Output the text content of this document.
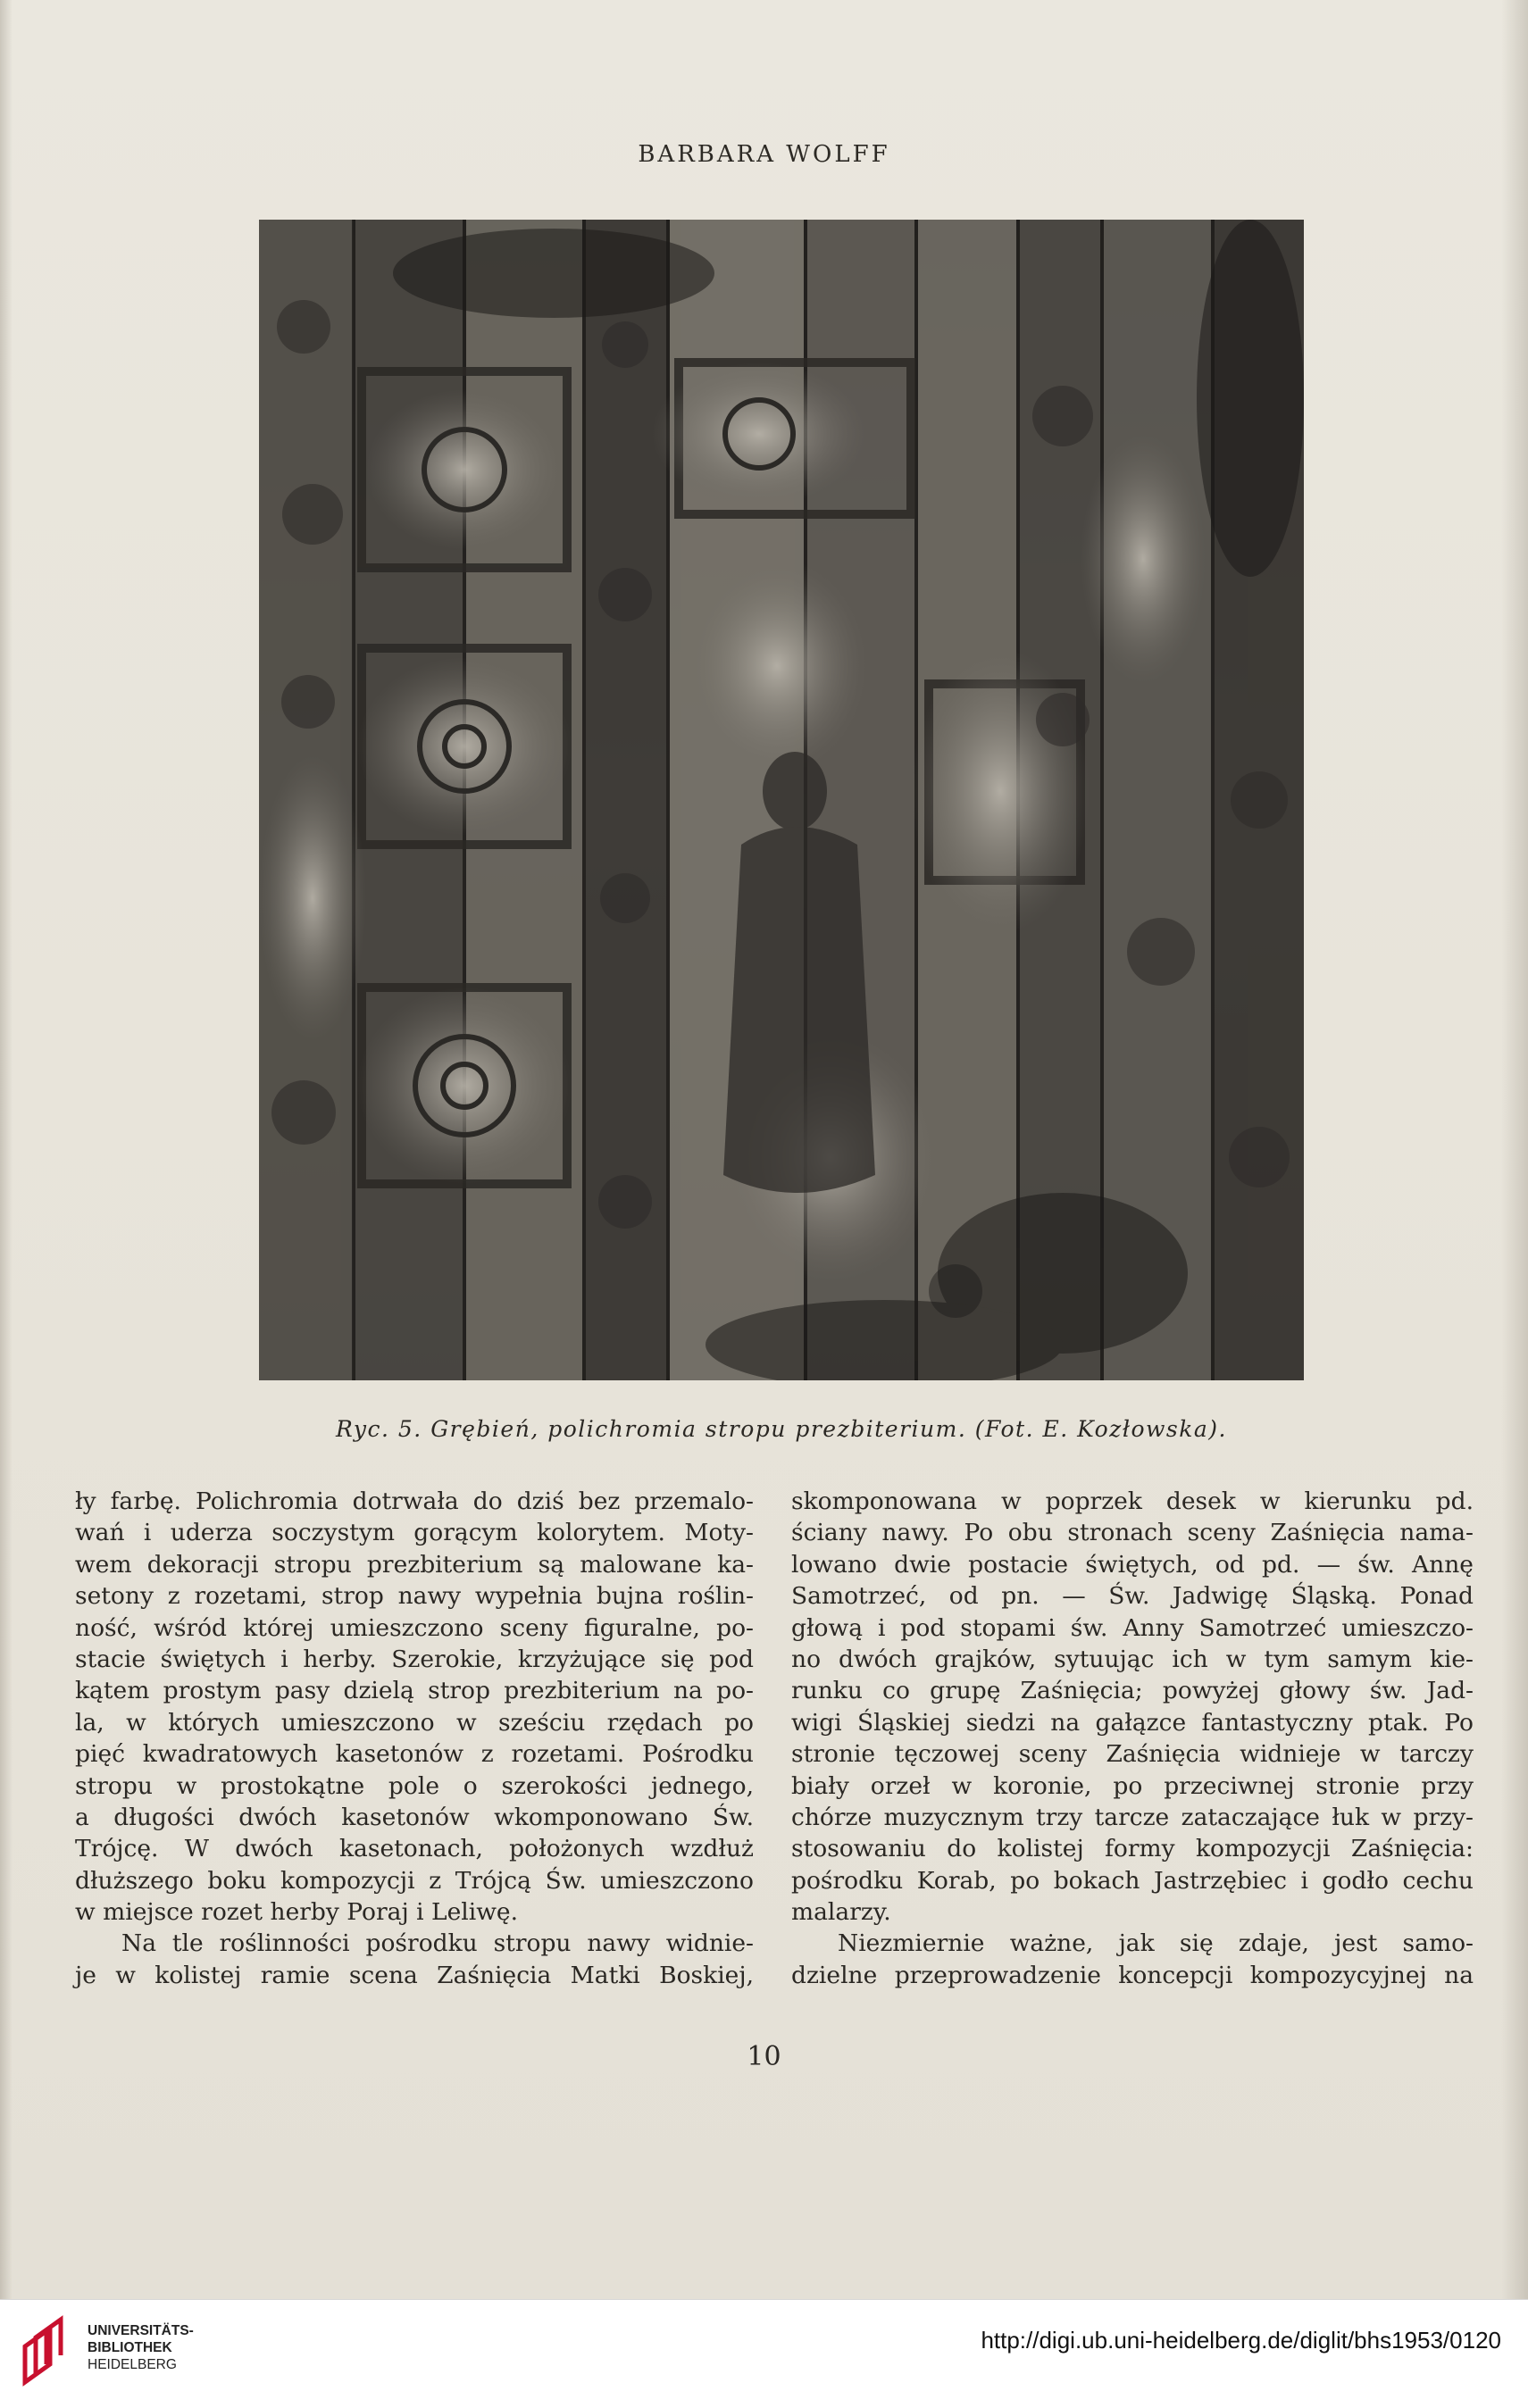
BARBARA WOLFF
Ryc. 5. Grębień, polichromia stropu prezbiterium. (Fot. E. Kozłowska).

ły farbę. Polichromia dotrwała do dziś bez przemalo-

wań i uderza soczystym gorącym kolorytem. Moty-

wem dekoracji stropu prezbiterium są malowane ka-

setony z rozetami, strop nawy wypełnia bujna roślin-

ność, wśród której umieszczono sceny figuralne, po-

stacie świętych i herby. Szerokie, krzyżujące się pod

kątem prostym pasy dzielą strop prezbiterium na po-

la, w których umieszczono w sześciu rzędach po

pięć kwadratowych kasetonów z rozetami. Pośrodku

stropu w prostokątne pole o szerokości jednego,

a długości dwóch kasetonów wkomponowano Św.

Trójcę. W dwóch kasetonach, położonych wzdłuż

dłuższego boku kompozycji z Trójcą Św. umieszczono

w miejsce rozet herby Poraj i Leliwę.

Na tle roślinności pośrodku stropu nawy widnie-

je w kolistej ramie scena Zaśnięcia Matki Boskiej,

skomponowana w poprzek desek w kierunku pd.

ściany nawy. Po obu stronach sceny Zaśnięcia nama-

lowano dwie postacie świętych, od pd. — św. Annę

Samotrzeć, od pn. — Św. Jadwigę Śląską. Ponad

głową i pod stopami św. Anny Samotrzeć umieszczo-

no dwóch grajków, sytuując ich w tym samym kie-

runku co grupę Zaśnięcia; powyżej głowy św. Jad-

wigi Śląskiej siedzi na gałązce fantastyczny ptak. Po

stronie tęczowej sceny Zaśnięcia widnieje w tarczy

biały orzeł w koronie, po przeciwnej stronie przy

chórze muzycznym trzy tarcze zataczające łuk w przy-

stosowaniu do kolistej formy kompozycji Zaśnięcia:

pośrodku Korab, po bokach Jastrzębiec i godło cechu

malarzy.

Niezmiernie ważne, jak się zdaje, jest samo-

dzielne przeprowadzenie koncepcji kompozycyjnej na

10
UNIVERSITÄTS-
BIBLIOTHEK
HEIDELBERG
http://digi.ub.uni-heidelberg.de/diglit/bhs1953/0120
